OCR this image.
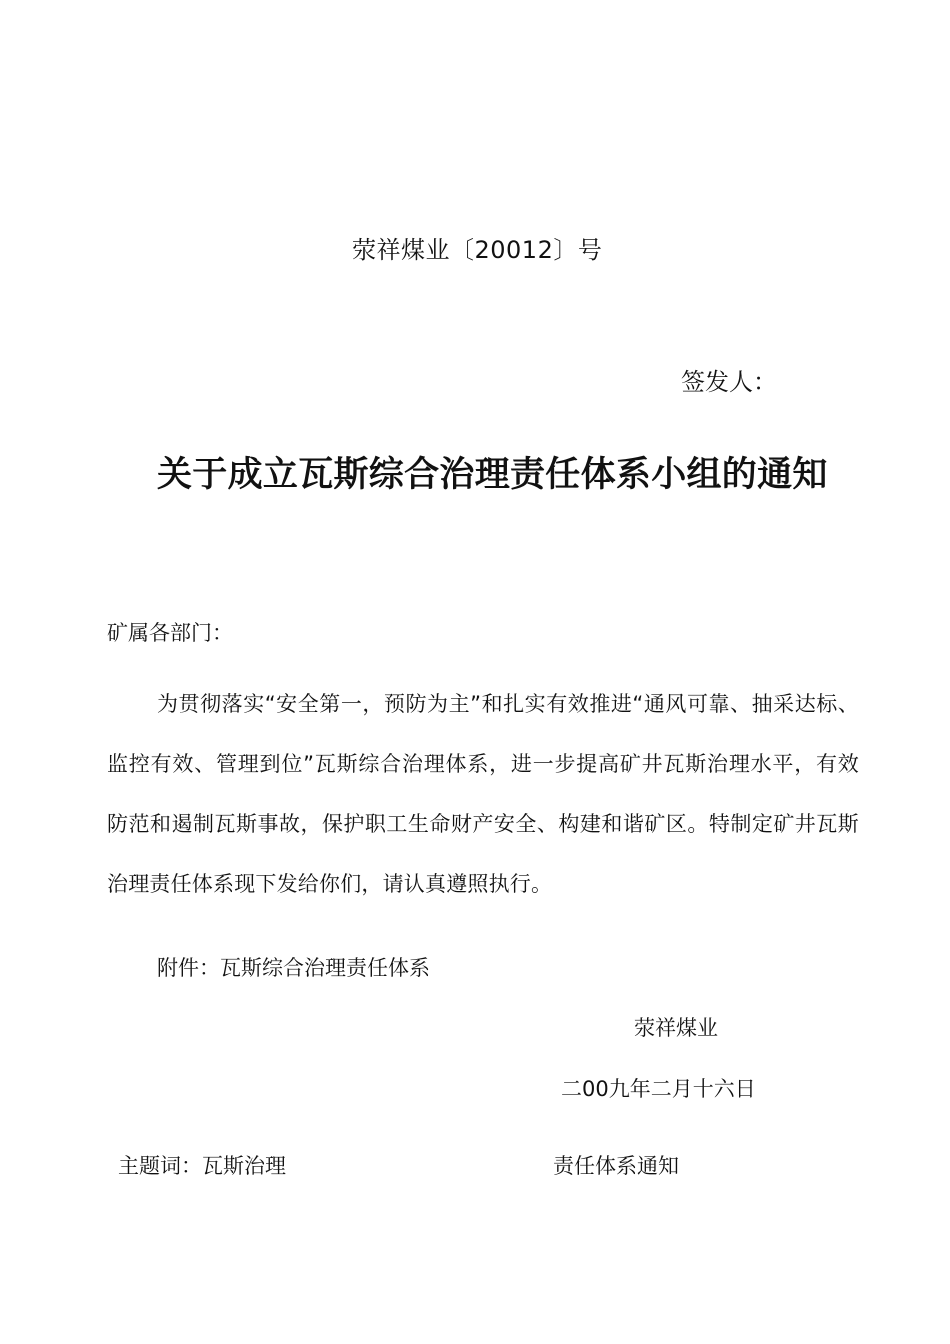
荥祥煤业〔20012〕号
签发人：
关于成立瓦斯综合治理责任体系小组的通知
矿属各部门：
为贯彻落实“安全第一，预防为主”和扎实有效推进“通风可靠、抽采达标、监控有效、管理到位”瓦斯综合治理体系，进一步提高矿井瓦斯治理水平，有效防范和遏制瓦斯事故，保护职工生命财产安全、构建和谐矿区。特制定矿井瓦斯治理责任体系现下发给你们，请认真遵照执行。
附件：瓦斯综合治理责任体系
荥祥煤业
二00九年二月十六日
主题词：瓦斯治理	责任体系通知
